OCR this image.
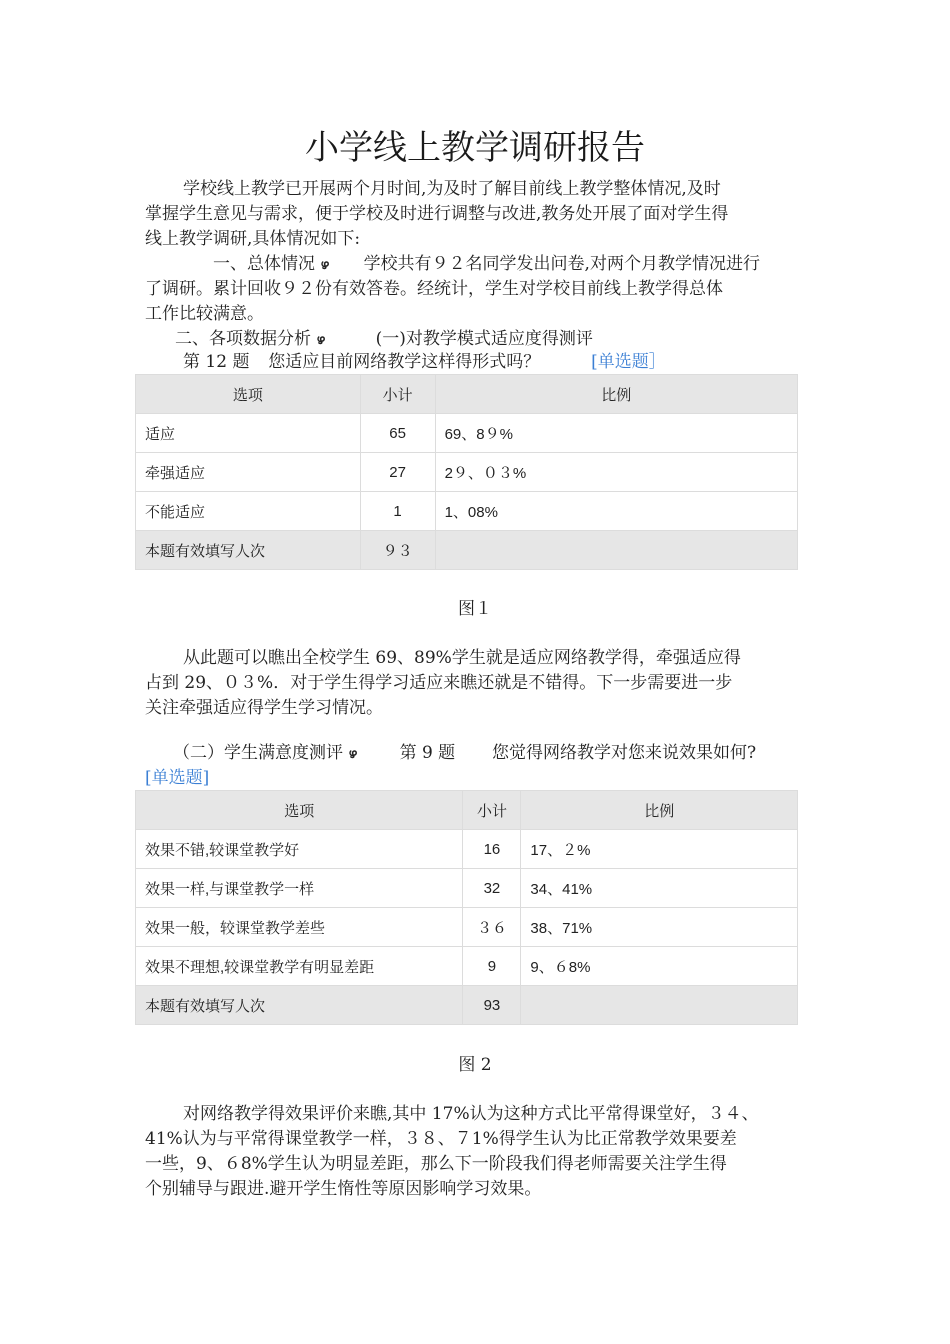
小学线上教学调研报告
学校线上教学已开展两个月时间,为及时了解目前线上教学整体情况,及时
掌握学生意见与需求，便于学校及时进行调整与改进,教务处开展了面对学生得
线上教学调研,具体情况如下:
一、总体情况 ഴ 学校共有９２名同学发出问卷,对两个月教学情况进行
了调研。累计回收９２份有效答卷。经统计，学生对学校目前线上教学得总体
工作比较满意。
二、各项数据分析 ഴ	(一)对教学模式适应度得测评
第 12 题 您适应目前网络教学这样得形式吗？	[单选题］
选项	小计	比例
适应	65	69、8９%
牵强适应	27	2９、０３%
不能适应	1	1、08%
本题有效填写人次	９３	
图１
从此题可以瞧出全校学生 69、89%学生就是适应网络教学得，牵强适应得
占到 29、０３%．对于学生得学习适应来瞧还就是不错得。下一步需要进一步
关注牵强适应得学生学习情况。
（二）学生满意度测评 ഴ	第 9 题 您觉得网络教学对您来说效果如何?
[单选题]
选项	小计	比例
效果不错,较课堂教学好	16	17、２%
效果一样,与课堂教学一样	32	34、41%
效果一般，较课堂教学差些	３６	38、71%
效果不理想,较课堂教学有明显差距	9	9、６8%
本题有效填写人次	93	
图 2
对网络教学得效果评价来瞧,其中 17%认为这种方式比平常得课堂好，３４、
41%认为与平常得课堂教学一样，３８、７1%得学生认为比正常教学效果要差
一些，9、６8%学生认为明显差距，那么下一阶段我们得老师需要关注学生得
个别辅导与跟进.避开学生惰性等原因影响学习效果。
